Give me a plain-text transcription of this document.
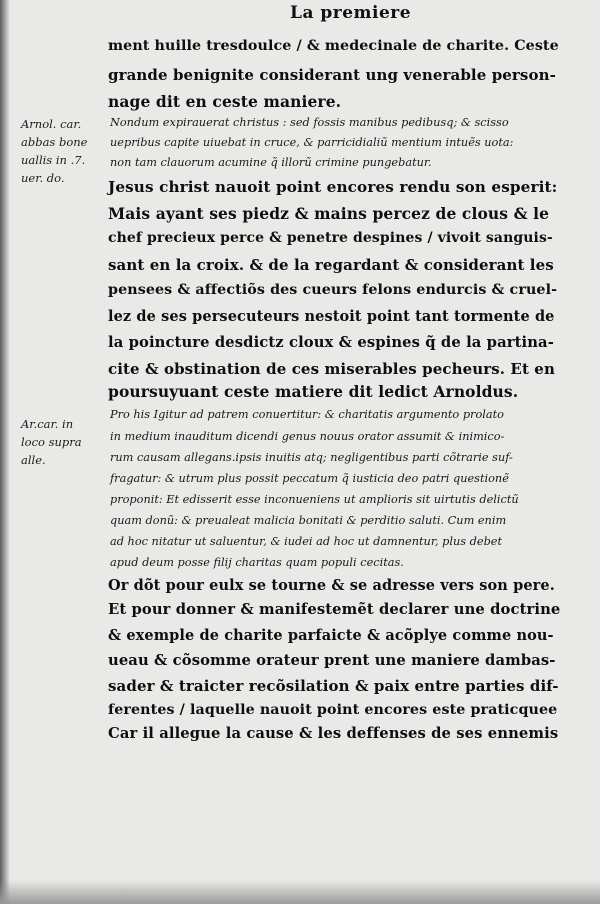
La premiere
Arnol. car.
abbas bone
uallis in .7.
uer. do.
Ar.car. in
loco supra
alle.
ment huille tresdoulce / & medecinale de charite. Ceste
grande benignite considerant ung venerable person-
nage dit en ceste maniere.
Nondum expirauerat christus : sed fossis manibus pedibusq; & scisso
uepribus capite uiuebat in cruce, & parricidialiũ mentium intuẽs uota:
non tam clauorum acumine q̃ illorũ crimine pungebatur.
Jesus christ nauoit point encores rendu son esperit:
Mais ayant ses piedz & mains percez de clous & le
chef precieux perce & penetre despines / vivoit sanguis-
sant en la croix. & de la regardant & considerant les
pensees & affectiõs des cueurs felons endurcis & cruel-
lez de ses persecuteurs nestoit point tant tormente de
la poincture desdictz cloux & espines q̃ de la partina-
cite & obstination de ces miserables pecheurs. Et en
poursuyuant ceste matiere dit ledict Arnoldus.
Pro his Igitur ad patrem conuertitur: & charitatis argumento prolato
in medium inauditum dicendi genus nouus orator assumit & inimico-
rum causam allegans.ipsis inuitis atq; negligentibus parti cõtrarie suf-
fragatur: & utrum plus possit peccatum q̃ iusticia deo patri questionẽ
proponit: Et edisserit esse inconueniens ut amplioris sit uirtutis delictũ
quam donũ: & preualeat malicia bonitati & perditio saluti. Cum enim
ad hoc nitatur ut saluentur, & iudei ad hoc ut damnentur, plus debet
apud deum posse filij charitas quam populi cecitas.
Or dõt pour eulx se tourne & se adresse vers son pere.
Et pour donner & manifestemẽt declarer une doctrine
& exemple de charite parfaicte & acõplye comme nou-
ueau & cõsomme orateur prent une maniere dambas-
sader & traicter recõsilation & paix entre parties dif-
ferentes / laquelle nauoit point encores este praticquee
Car il allegue la cause & les deffenses de ses ennemis
